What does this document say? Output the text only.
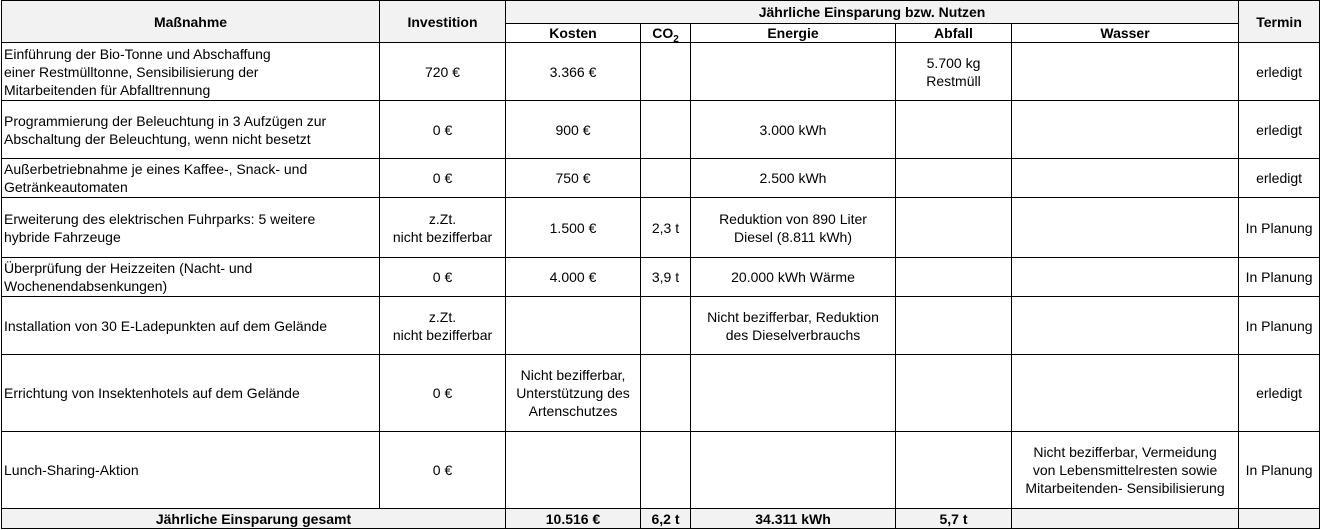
Maßnahme	Investition	Jährliche Einsparung bzw. Nutzen					Termin
		Kosten	$CO_2$	Energie	Abfall	Wasser	
Einführung der Bio-Tonne und Abschaffung
einer Restmülltonne, Sensibilisierung der
Mitarbeitenden für Abfalltrennung	720 €	3.366 €			5.700 kg
Restmüll		erledigt
Programmierung der Beleuchtung in 3 Aufzügen zur
Abschaltung der Beleuchtung, wenn nicht besetzt	0 €	900 €		3.000 kWh			erledigt
Außerbetriebnahme je eines Kaffee-, Snack- und
Getränkeautomaten	0 €	750 €		2.500 kWh			erledigt
Erweiterung des elektrischen Fuhrparks: 5 weitere
hybride Fahrzeuge	z.Zt.
nicht bezifferbar	1.500 €	2,3 t	Reduktion von 890 Liter
Diesel (8.811 kWh)			In Planung
Überprüfung der Heizzeiten (Nacht- und
Wochenendabsenkungen)	0 €	4.000 €	3,9 t	20.000 kWh Wärme			In Planung
Installation von 30 E-Ladepunkten auf dem Gelände	z.Zt.
nicht bezifferbar			Nicht bezifferbar, Reduktion
des Dieselverbrauchs			In Planung
Errichtung von Insektenhotels auf dem Gelände	0 €	Nicht bezifferbar,
Unterstützung des
Artenschutzes					erledigt
Lunch-Sharing-Aktion	0 €					Nicht bezifferbar, Vermeidung
von Lebensmittelresten sowie
Mitarbeitenden- Sensibilisierung	In Planung
Jährliche Einsparung gesamt		10.516 €	6,2 t	34.311 kWh	5,7 t		
